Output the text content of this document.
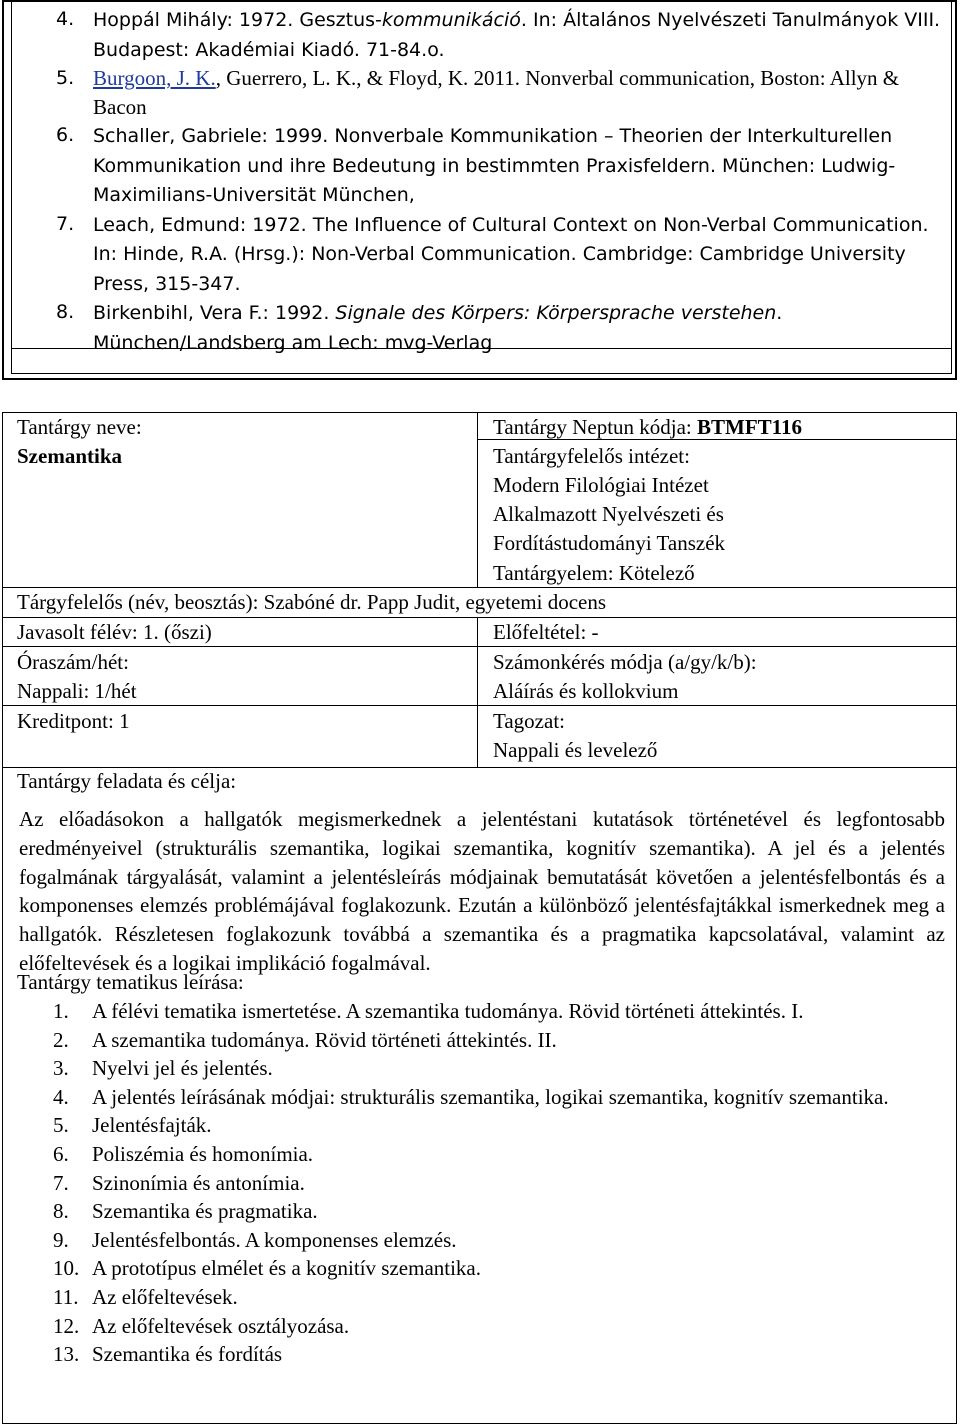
4. Hoppál Mihály: 1972. Gesztus-kommunikáció. In: Általános Nyelvészeti Tanulmányok VIII. Budapest: Akadémiai Kiadó. 71-84.o.
5. Burgoon, J. K., Guerrero, L. K., & Floyd, K. 2011. Nonverbal communication, Boston: Allyn & Bacon
6. Schaller, Gabriele: 1999. Nonverbale Kommunikation – Theorien der Interkulturellen Kommunikation und ihre Bedeutung in bestimmten Praxisfeldern. München: Ludwig-Maximilians-Universität München,
7. Leach, Edmund: 1972. The Influence of Cultural Context on Non-Verbal Communication. In: Hinde, R.A. (Hrsg.): Non-Verbal Communication. Cambridge: Cambridge University Press, 315-347.
8. Birkenbihl, Vera F.: 1992. Signale des Körpers: Körpersprache verstehen. München/Landsberg am Lech: mvg-Verlag
Tantárgy neve:
Szemantika
Tantárgy Neptun kódja: BTMFT116
Tantárgyfelelős intézet:
Modern Filológiai Intézet
Alkalmazott Nyelvészeti és
Fordítástudományi Tanszék
Tantárgyelem: Kötelező
Tárgyfelelős (név, beosztás): Szabóné dr. Papp Judit, egyetemi docens
Javasolt félév: 1. (őszi)	Előfeltétel: -
Óraszám/hét:
Nappali: 1/hét
Számonkérés módja (a/gy/k/b):
Aláírás és kollokvium
Kreditpont: 1	Tagozat:
Nappali és levelező
Tantárgy feladata és célja:
Az előadásokon a hallgatók megismerkednek a jelentéstani kutatások történetével és legfontosabb eredményeivel (strukturális szemantika, logikai szemantika, kognitív szemantika). A jel és a jelentés fogalmának tárgyalását, valamint a jelentésleírás módjainak bemutatását követően a jelentésfelbontás és a komponenses elemzés problémájával foglakozunk. Ezután a különböző jelentésfajtákkal ismerkednek meg a hallgatók. Részletesen foglakozunk továbbá a szemantika és a pragmatika kapcsolatával, valamint az előfeltevések és a logikai implikáció fogalmával.
Tantárgy tematikus leírása:
1. A félévi tematika ismertetése. A szemantika tudománya. Rövid történeti áttekintés. I.
2. A szemantika tudománya. Rövid történeti áttekintés. II.
3. Nyelvi jel és jelentés.
4. A jelentés leírásának módjai: strukturális szemantika, logikai szemantika, kognitív szemantika.
5. Jelentésfajták.
6. Poliszémia és homonímia.
7. Szinonímia és antonímia.
8. Szemantika és pragmatika.
9. Jelentésfelbontás. A komponenses elemzés.
10. A prototípus elmélet és a kognitív szemantika.
11. Az előfeltevések.
12. Az előfeltevések osztályozása.
13. Szemantika és fordítás
